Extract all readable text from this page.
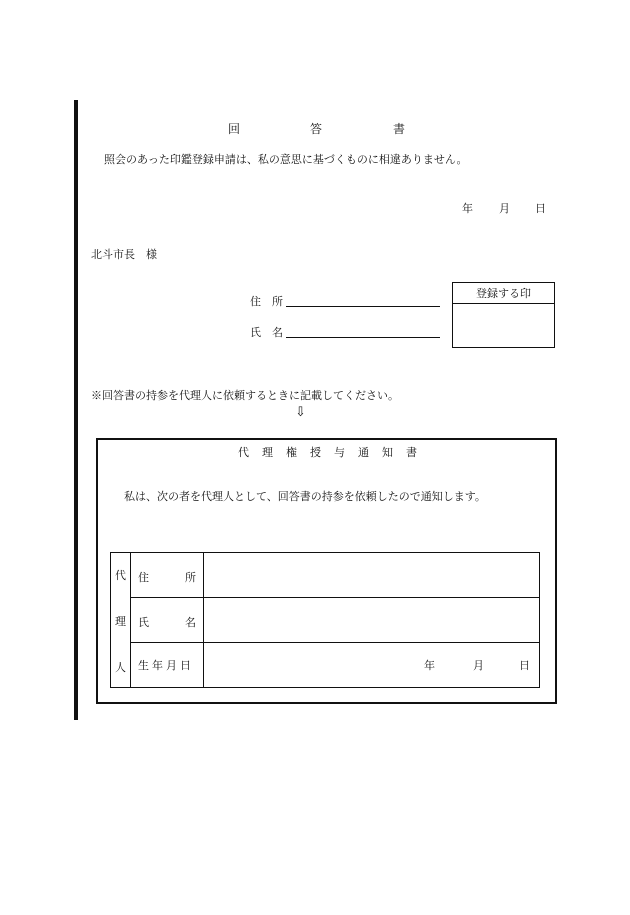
回	答	書
照会のあった印鑑登録申請は、私の意思に基づくものに相違ありません。
年 月 日
北斗市長　様
住　所
氏　名
登録する印
※回答書の持参を代理人に依頼するときに記載してください。
⇩
代 理 権 授 与 通 知 書
私は、次の者を代理人として、回答書の持参を依頼したので通知します。
代
理
人
住	所
氏	名
生年月日	年	月	日
